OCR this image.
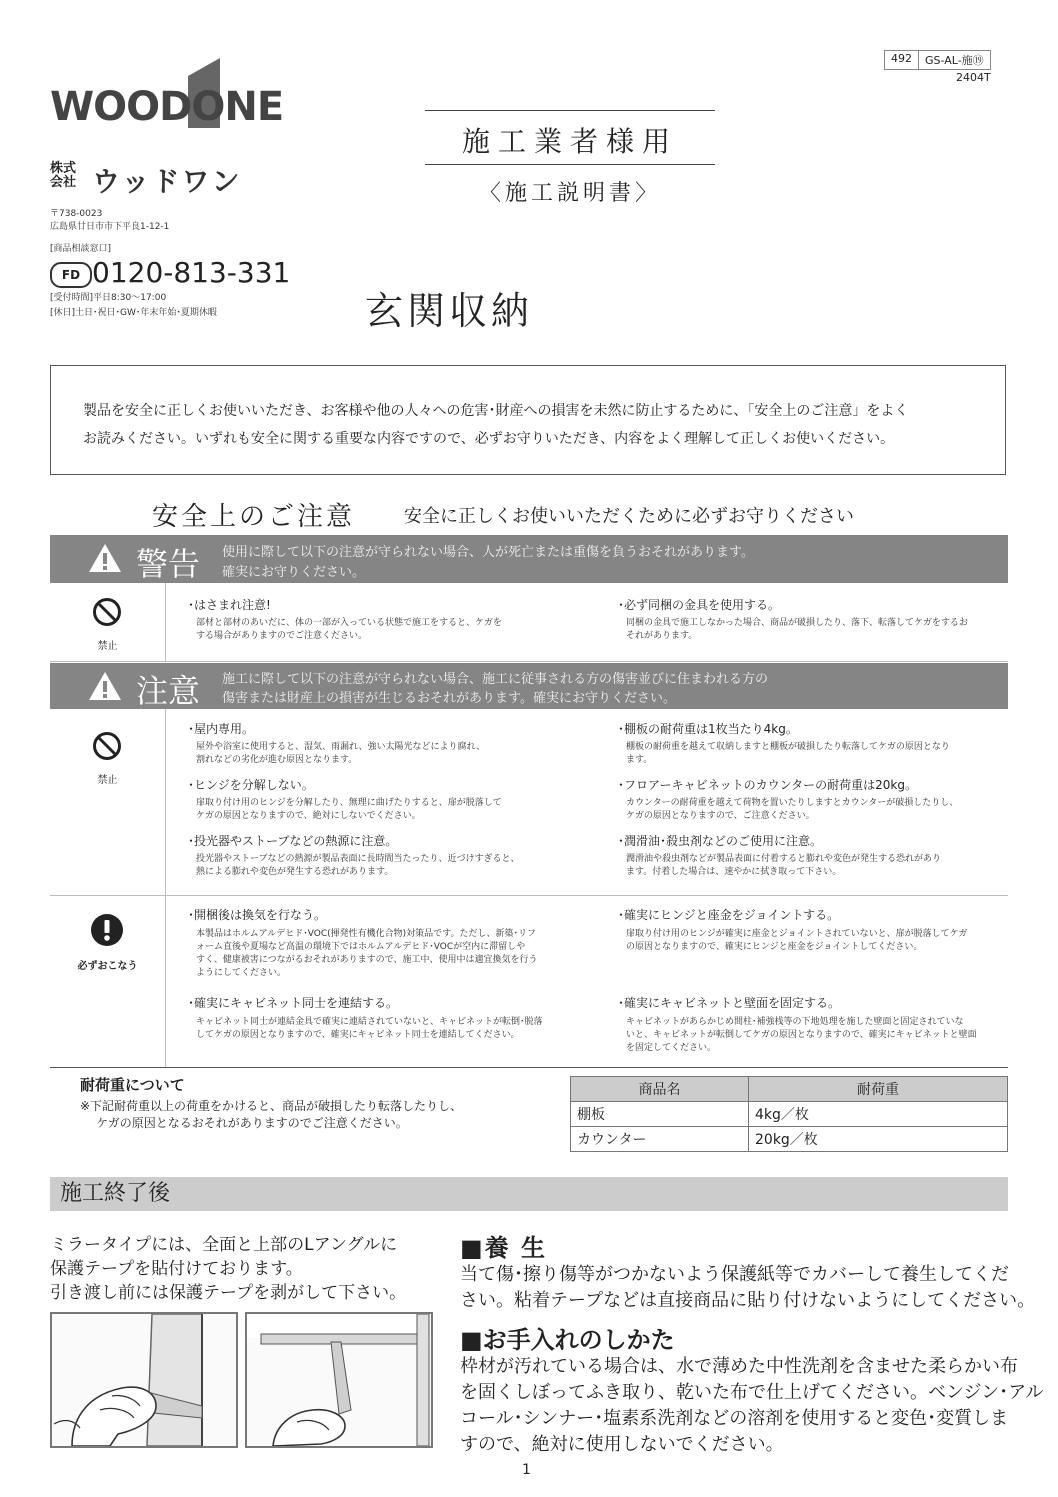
WOODONE
株式会社 ウッドワン
〒738-0023
広島県廿日市市下平良1-12-1
[商品相談窓口]
FD 0120-813-331
[受付時間]平日8:30〜17:00
[休日]土日･祝日･GW･年末年始･夏期休暇
492	GS-AL-施⑲
2404T
施工業者様用
〈施工説明書〉
玄関収納
製品を安全に正しくお使いいただき、お客様や他の人々への危害･財産への損害を未然に防止するために、「安全上のご注意」をよく
お読みください。いずれも安全に関する重要な内容ですので、必ずお守りいただき、内容をよく理解して正しくお使いください。
安全上のご注意	安全に正しくお使いいただくために必ずお守りください
警告 使用に際して以下の注意が守られない場合、人が死亡または重傷を負うおそれがあります。
確実にお守りください。
禁止
･はさまれ注意!
部材と部材のあいだに、体の一部が入っている状態で施工をすると、ケガを
する場合がありますのでご注意ください。
･必ず同梱の金具を使用する。
同梱の金具で施工しなかった場合、商品が破損したり、落下、転落してケガをするお
それがあります。
注意 施工に際して以下の注意が守られない場合、施工に従事される方の傷害並びに住まわれる方の
傷害または財産上の損害が生じるおそれがあります。確実にお守りください。
禁止
･屋内専用。
屋外や浴室に使用すると、湿気、雨漏れ、強い太陽光などにより腐れ、
割れなどの劣化が進む原因となります。
･棚板の耐荷重は1枚当たり4kg。
棚板の耐荷重を越えて収納しますと棚板が破損したり転落してケガの原因となり
ます。
･ヒンジを分解しない。
扉取り付け用のヒンジを分解したり、無理に曲げたりすると、扉が脱落して
ケガの原因となりますので、絶対にしないでください。
･フロアーキャビネットのカウンターの耐荷重は20kg。
カウンターの耐荷重を越えて荷物を置いたりしますとカウンターが破損したりし、
ケガの原因となりますので、ご注意ください。
･投光器やストーブなどの熱源に注意。
投光器やストーブなどの熱源が製品表面に長時間当たったり、近づけすぎると、
熱による膨れや変色が発生する恐れがあります。
･潤滑油･殺虫剤などのご使用に注意。
潤滑油や殺虫剤などが製品表面に付着すると膨れや変色が発生する恐れがあり
ます。付着した場合は、速やかに拭き取って下さい。
必ずおこなう
･開梱後は換気を行なう。
本製品はホルムアルデヒド･VOC(揮発性有機化合物)対策品です。ただし、新築･リフ
ォーム直後や夏場など高温の環境下ではホルムアルデヒド･VOCが空内に滞留しや
すく、健康被害につながるおそれがありますので、施工中、使用中は適宜換気を行う
ようにしてください。
･確実にヒンジと座金をジョイントする。
扉取り付け用のヒンジが確実に座金とジョイントされていないと、扉が脱落してケガ
の原因となりますので、確実にヒンジと座金をジョイントしてください。
･確実にキャビネット同士を連結する。
キャビネット同士が連結金具で確実に連結されていないと、キャビネットが転倒･脱落
してケガの原因となりますので、確実にキャビネット同士を連結してください。
･確実にキャビネットと壁面を固定する。
キャビネットがあらかじめ間柱･補強桟等の下地処理を施した壁面と固定されていな
いと、キャビネットが転倒してケガの原因となりますので、確実にキャビネットと壁面
を固定してください。
耐荷重について
※下記耐荷重以上の荷重をかけると、商品が破損したり転落したりし、
ケガの原因となるおそれがありますのでご注意ください。
商品名	耐荷重
棚板	4kg／枚
カウンター	20kg／枚
施工終了後
ミラータイプには、全面と上部のLアングルに
保護テープを貼付けております。
引き渡し前には保護テープを剥がして下さい。
■養 生
当て傷･擦り傷等がつかないよう保護紙等でカバーして養生してくだ
さい。粘着テープなどは直接商品に貼り付けないようにしてください。
■お手入れのしかた
枠材が汚れている場合は、水で薄めた中性洗剤を含ませた柔らかい布
を固くしぼってふき取り、乾いた布で仕上げてください。ベンジン･アル
コール･シンナー･塩素系洗剤などの溶剤を使用すると変色･変質しま
すので、絶対に使用しないでください。
1
